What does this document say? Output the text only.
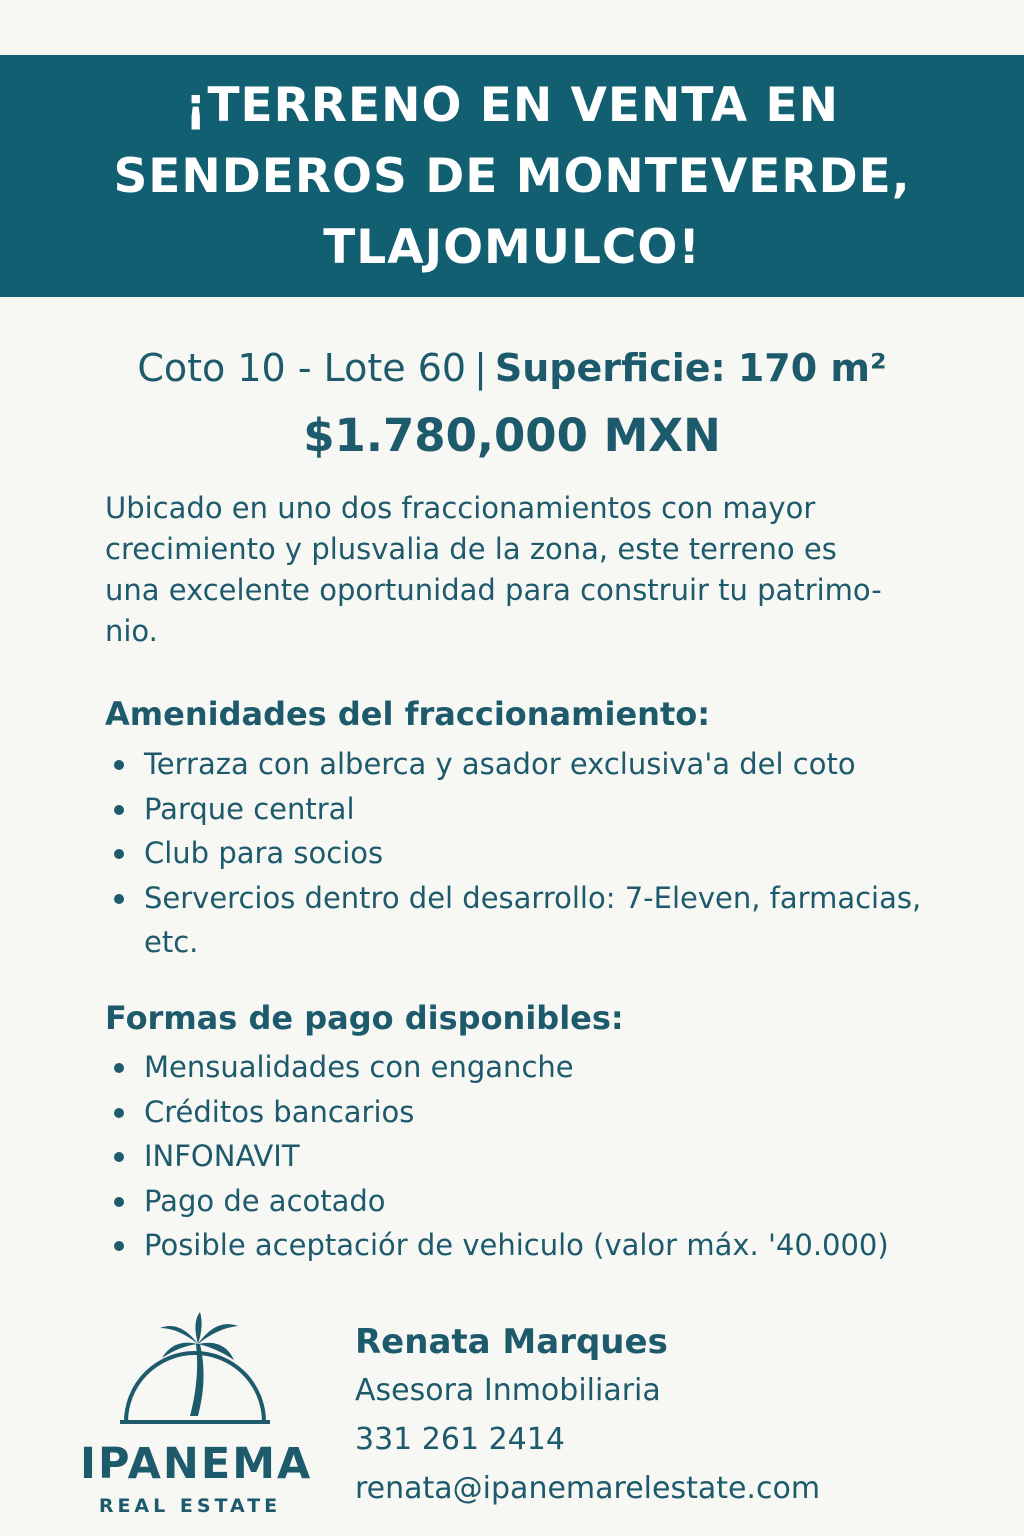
¡TERRENO EN VENTA EN
SENDEROS DE MONTEVERDE,
TLAJOMULCO!
Coto 10 - Lote 60 | Superficie: 170 m²
$1.780,000 MXN
Ubicado en uno dos fraccionamientos con mayor
crecimiento y plusvalia de la zona, este terreno es
una excelente oportunidad para construir tu patrimo-
nio.
Amenidades del fraccionamiento:
Terraza con alberca y asador exclusiva'a del coto
Parque central
Club para socios
Servercios dentro del desarrollo: 7-Eleven, farmacias,
etc.
Formas de pago disponibles:
Mensualidades con enganche
Créditos bancarios
INFONAVIT
Pago de acotado
Posible aceptaciór de vehiculo (valor máx. '40.000)
IPANEMA
REAL ESTATE
Renata Marques
Asesora Inmobiliaria
331 261 2414
renata@ipanemarelestate.com
